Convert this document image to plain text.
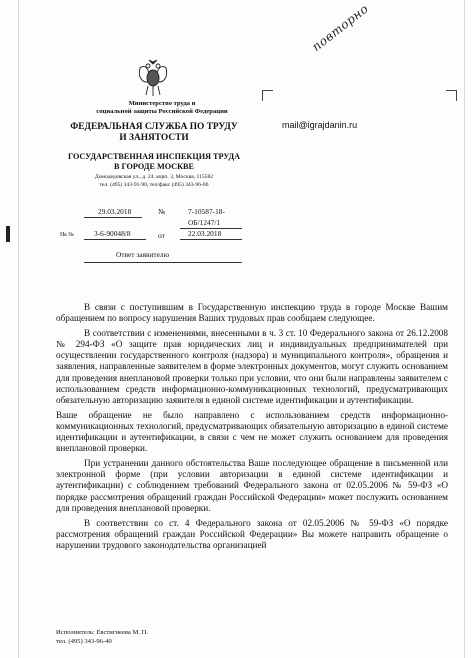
Министерство труда и
социальной защиты Российской Федерации
ФЕДЕРАЛЬНАЯ СЛУЖБА ПО ТРУДУ
И ЗАНЯТОСТИ
ГОСУДАРСТВЕННАЯ ИНСПЕКЦИЯ ТРУДА
В ГОРОДЕ МОСКВЕ
Домодедовская ул., д. 24, корп. 3, Москва, 115582
тел. (495) 343-91-90, тел/факс (495) 343-96-06
29.03.2018	№	7-10587-18-
ОБ/1247/1
На №	3-6-90048/8	от	22.03.2018
Ответ заявителю
mail@igrajdanin.ru
повторно

В связи с поступившим в Государственную инспекцию труда в городе Москве Вашим обращением по вопросу нарушения Ваших трудовых прав сообщаем следующее.

В соответствии с изменениями, внесенными в ч. 3 ст. 10 Федерального закона от 26.12.2008 № 294-ФЗ «О защите прав юридических лиц и индивидуальных предпринимателей при осуществлении государственного контроля (надзора) и муниципального контроля», обращения и заявления, направленные заявителем в форме электронных документов, могут служить основанием для проведения внеплановой проверки только при условии, что они были направлены заявителем с использованием средств информационно-коммуникационных технологий, предусматривающих обязательную авторизацию заявителя в единой системе идентификации и аутентификации.

Ваше обращение не было направлено с использованием средств информационно-коммуникационных технологий, предусматривающих обязательную авторизацию в единой системе идентификации и аутентификации, в связи с чем не может служить основанием для проведения внеплановой проверки.

При устранении данного обстоятельства Ваше последующее обращение в письменной или электронной форме (при условии авторизации в единой системе идентификации и аутентификации) с соблюдением требований Федерального закона от 02.05.2006 № 59-ФЗ «О порядке рассмотрения обращений граждан Российской Федерации» может послужить основанием для проведения внеплановой проверки.

В соответствии со ст. 4 Федерального закона от 02.05.2006 № 59-ФЗ «О порядке рассмотрения обращений граждан Российской Федерации» Вы можете направить обращение о нарушении трудового законодательства организацией

Исполнитель: Евстигнеева М. П.
тел. (495) 343-96-40
